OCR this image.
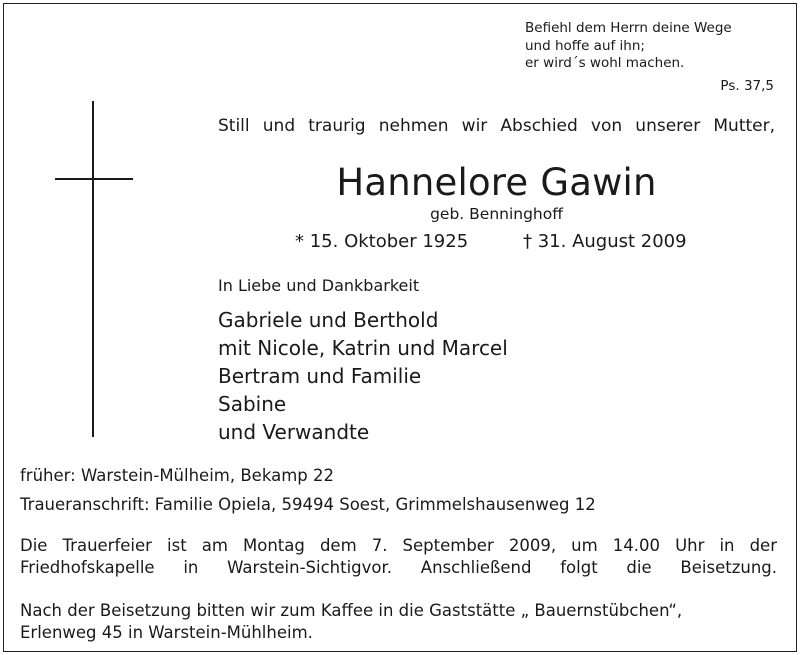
Befiehl dem Herrn deine Wege
und hoffe auf ihn;
er wird´s wohl machen.
Ps. 37,5
Still und traurig nehmen wir Abschied von unserer Mutter,
Hannelore Gawin
geb. Benninghoff
* 15. Oktober 1925	† 31. August 2009
In Liebe und Dankbarkeit
Gabriele und Berthold
mit Nicole, Katrin und Marcel
Bertram und Familie
Sabine
und Verwandte
früher: Warstein-Mülheim, Bekamp 22
Traueranschrift: Familie Opiela, 59494 Soest, Grimmelshausenweg 12
Die Trauerfeier ist am Montag dem 7. September 2009, um 14.00 Uhr in der
Friedhofskapelle in Warstein-Sichtigvor. Anschließend folgt die Beisetzung.
Nach der Beisetzung bitten wir zum Kaffee in die Gaststätte „ Bauernstübchen“,
Erlenweg 45 in Warstein-Mühlheim.
